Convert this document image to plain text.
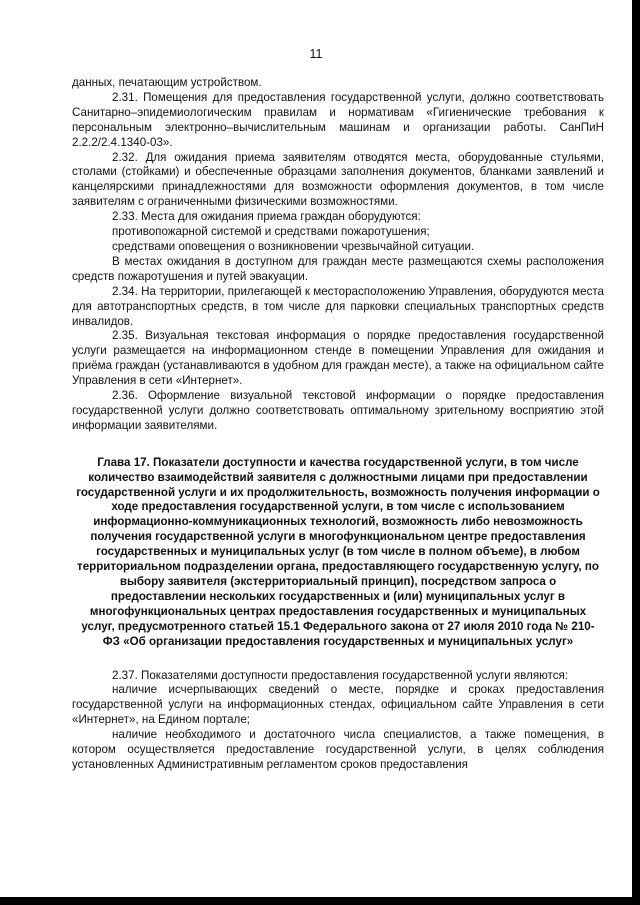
11

данных, печатающим устройством.

2.31. Помещения для предоставления государственной услуги, должно соответствовать Санитарно–эпидемиологическим правилам и нормативам «Гигиенические требования к персональным электронно–вычислительным машинам и организации работы. СанПиН 2.2.2/2.4.1340-03».

2.32. Для ожидания приема заявителям отводятся места, оборудованные стульями, столами (стойками) и обеспеченные образцами заполнения документов, бланками заявлений и канцелярскими принадлежностями для возможности оформления документов, в том числе заявителям с ограниченными физическими возможностями.

2.33. Места для ожидания приема граждан оборудуются:

противопожарной системой и средствами пожаротушения;

средствами оповещения о возникновении чрезвычайной ситуации.

В местах ожидания в доступном для граждан месте размещаются схемы расположения средств пожаротушения и путей эвакуации.

2.34. На территории, прилегающей к месторасположению Управления, оборудуются места для автотранспортных средств, в том числе для парковки специальных транспортных средств инвалидов.

2.35. Визуальная текстовая информация о порядке предоставления государственной услуги размещается на информационном стенде в помещении Управления для ожидания и приёма граждан (устанавливаются в удобном для граждан месте), а также на официальном сайте Управления в сети «Интернет».

2.36. Оформление визуальной текстовой информации о порядке предоставления государственной услуги должно соответствовать оптимальному зрительному восприятию этой информации заявителями.

Глава 17. Показатели доступности и качества государственной услуги, в том числе количество взаимодействий заявителя с должностными лицами при предоставлении государственной услуги и их продолжительность, возможность получения информации о ходе предоставления государственной услуги, в том числе с использованием информационно-коммуникационных технологий, возможность либо невозможность получения государственной услуги в многофункциональном центре предоставления государственных и муниципальных услуг (в том числе в полном объеме), в любом территориальном подразделении органа, предоставляющего государственную услугу, по выбору заявителя (экстерриториальный принцип), посредством запроса о предоставлении нескольких государственных и (или) муниципальных услуг в многофункциональных центрах предоставления государственных и муниципальных услуг, предусмотренного статьей 15.1 Федерального закона от 27 июля 2010 года № 210-ФЗ «Об организации предоставления государственных и муниципальных услуг»

2.37. Показателями доступности предоставления государственной услуги являются:

наличие исчерпывающих сведений о месте, порядке и сроках предоставления государственной услуги на информационных стендах, официальном сайте Управления в сети «Интернет», на Едином портале;

наличие необходимого и достаточного числа специалистов, а также помещения, в котором осуществляется предоставление государственной услуги, в целях соблюдения установленных Административным регламентом сроков предоставления
